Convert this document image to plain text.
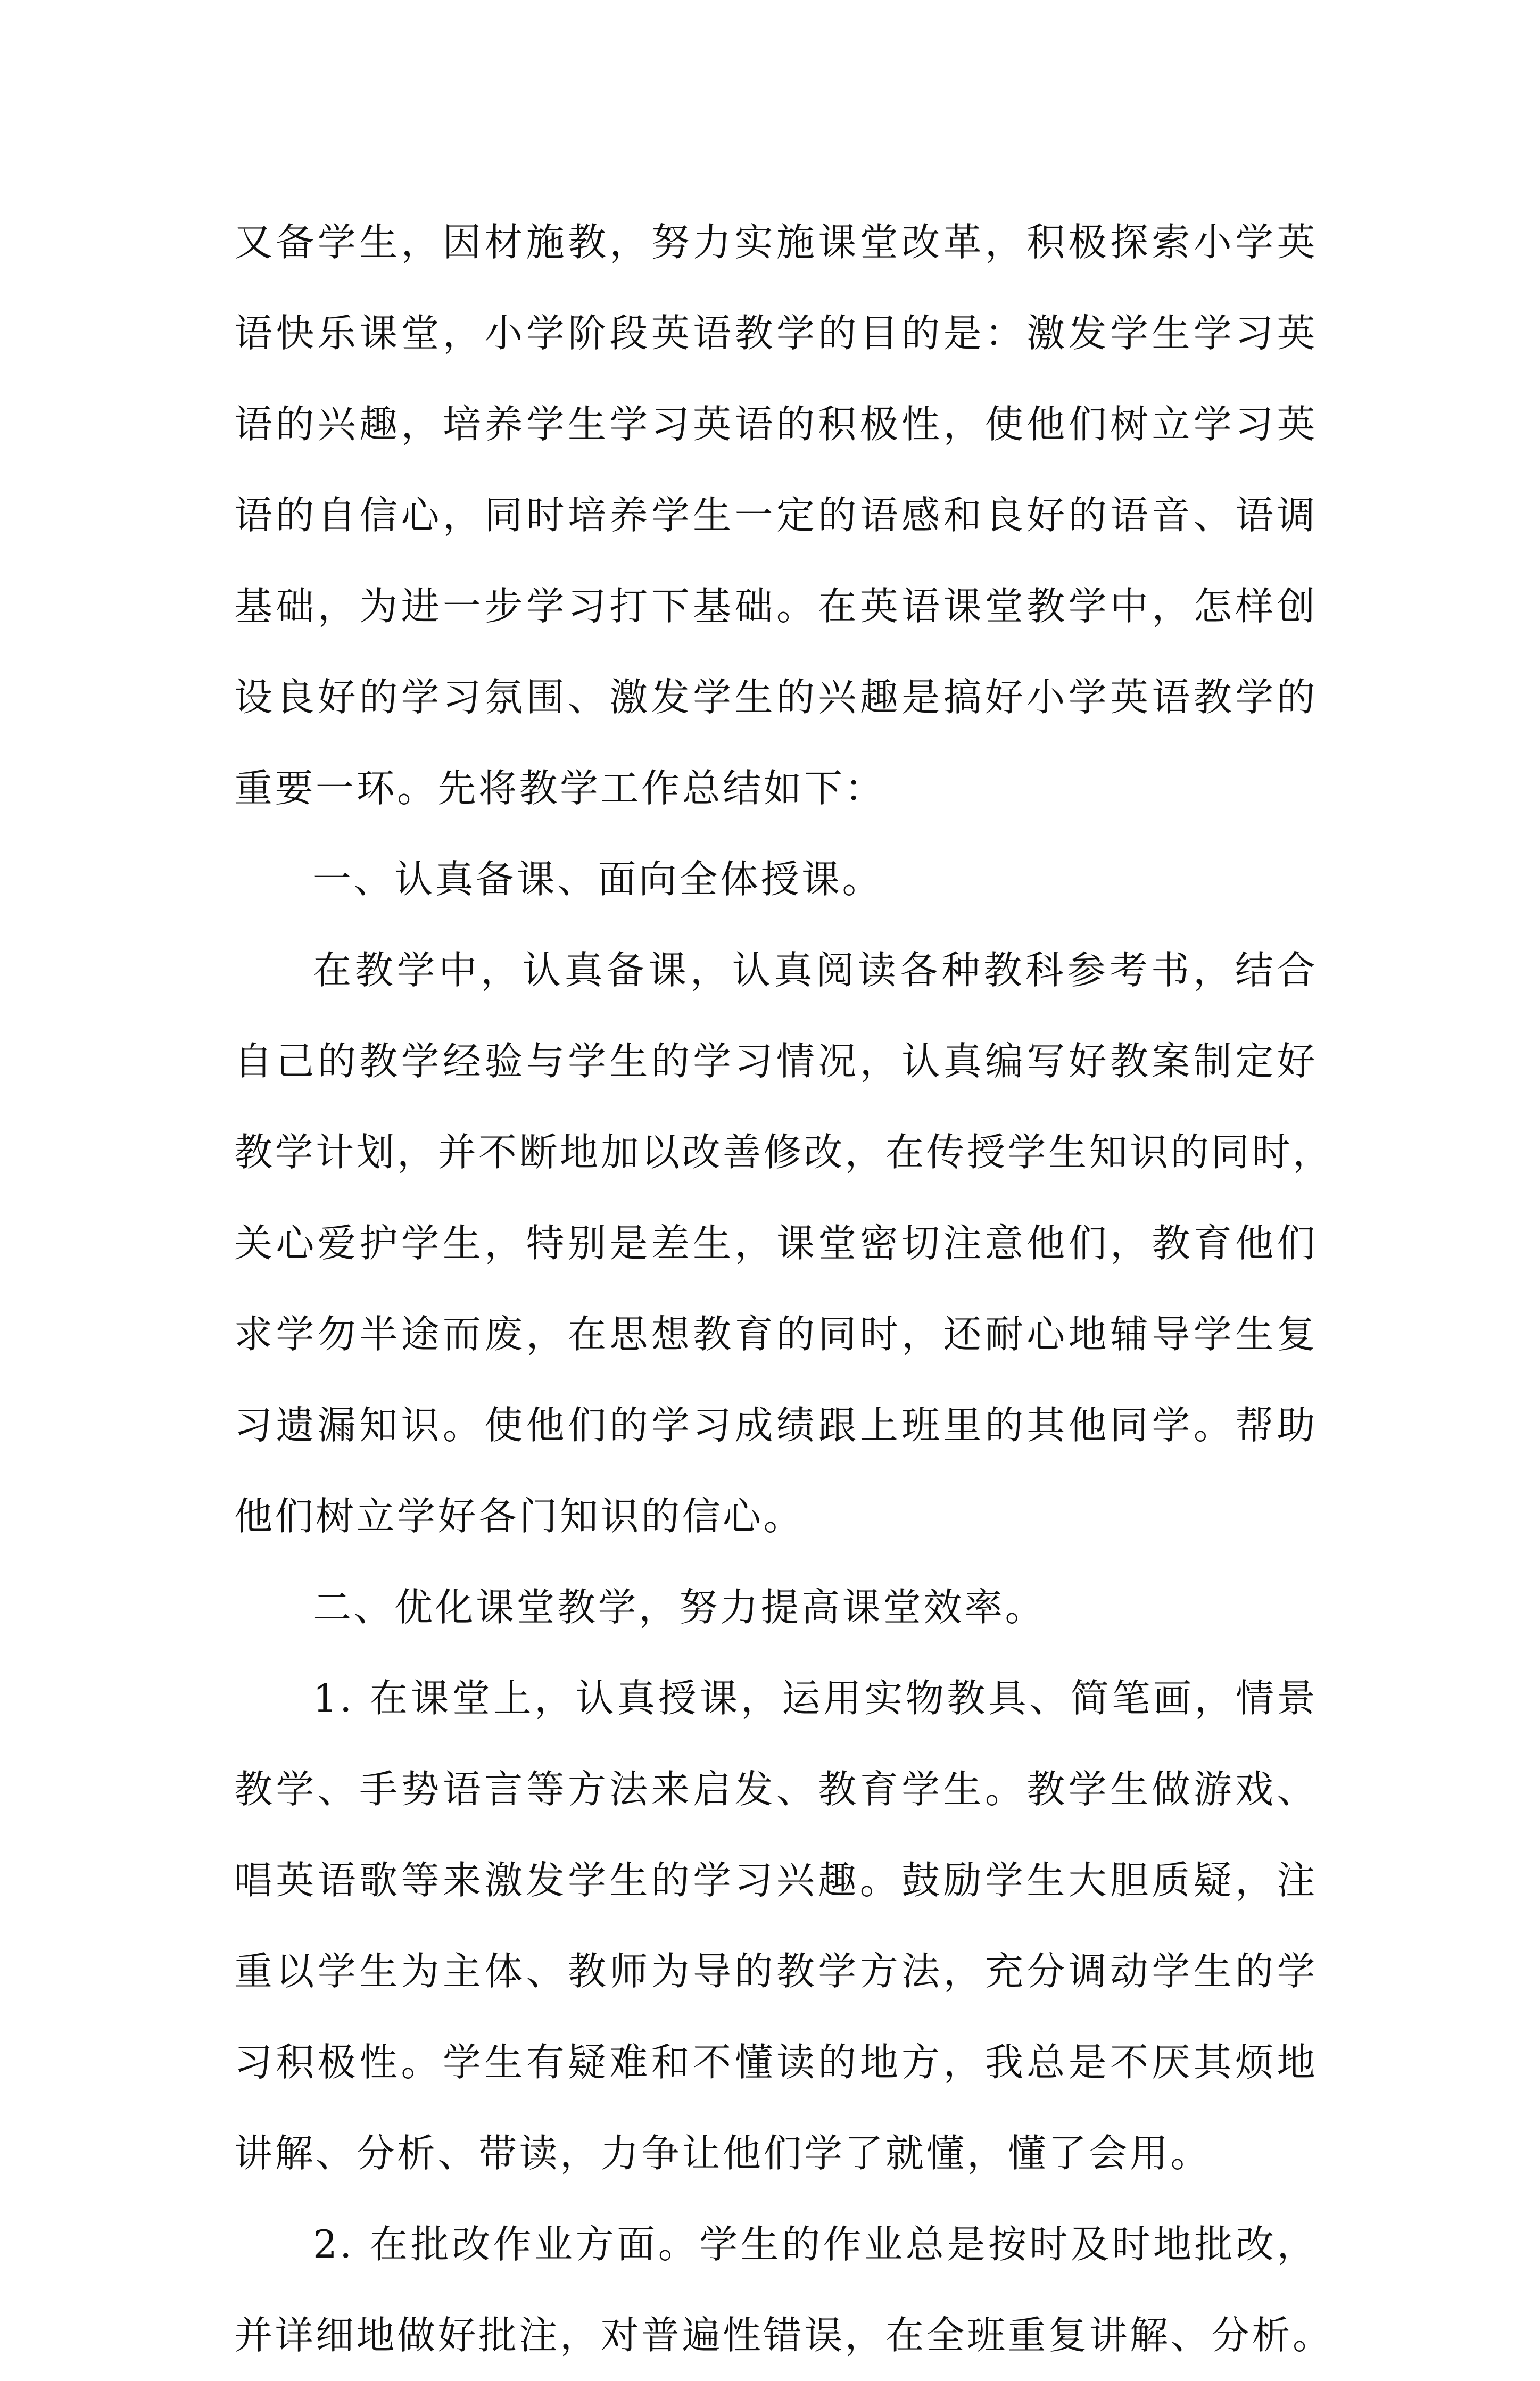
又备学生，因材施教，努力实施课堂改革，积极探索小学英
语快乐课堂，小学阶段英语教学的目的是：激发学生学习英
语的兴趣，培养学生学习英语的积极性，使他们树立学习英
语的自信心，同时培养学生一定的语感和良好的语音、语调
基础，为进一步学习打下基础。在英语课堂教学中，怎样创
设良好的学习氛围、激发学生的兴趣是搞好小学英语教学的
重要一环。先将教学工作总结如下：
一、认真备课、面向全体授课。
在教学中，认真备课，认真阅读各种教科参考书，结合
自己的教学经验与学生的学习情况，认真编写好教案制定好
教学计划，并不断地加以改善修改，在传授学生知识的同时，
关心爱护学生，特别是差生，课堂密切注意他们，教育他们
求学勿半途而废，在思想教育的同时，还耐心地辅导学生复
习遗漏知识。使他们的学习成绩跟上班里的其他同学。帮助
他们树立学好各门知识的信心。
二、优化课堂教学，努力提高课堂效率。
1. 在课堂上，认真授课，运用实物教具、简笔画，情景
教学、手势语言等方法来启发、教育学生。教学生做游戏、
唱英语歌等来激发学生的学习兴趣。鼓励学生大胆质疑，注
重以学生为主体、教师为导的教学方法，充分调动学生的学
习积极性。学生有疑难和不懂读的地方，我总是不厌其烦地
讲解、分析、带读，力争让他们学了就懂，懂了会用。
2. 在批改作业方面。学生的作业总是按时及时地批改，
并详细地做好批注，对普遍性错误，在全班重复讲解、分析。
